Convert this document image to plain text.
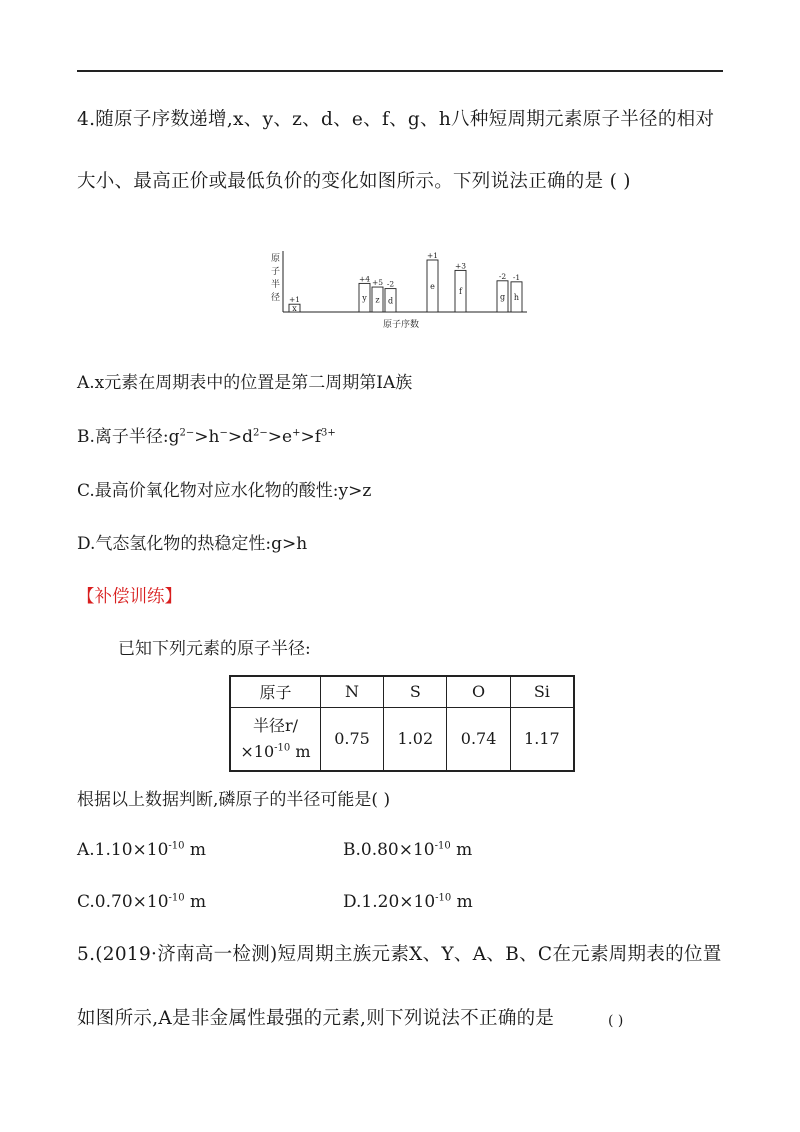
4.随原子序数递增,x、y、z、d、e、f、g、h八种短周期元素原子半径的相对
大小、最高正价或最低负价的变化如图所示。下列说法正确的是 ( )
原
子
半
径
x
+1	y
+4
z
+5
d
-2	e
+1
f
+3
g
-2
h
-1
原子序数
A.x元素在周期表中的位置是第二周期第ⅠA族
B.离子半径$:g^{2-}>h^->d^{2-}>e^+>f^{3+}$
C.最高价氧化物对应水化物的酸性:y>z
D.气态氢化物的热稳定性:g>h
【补偿训练】
已知下列元素的原子半径:
原子	N	S	O	Si
半径r/
$\times 10^{-10}$ m	0.75	1.02	0.74	1.17
根据以上数据判断,磷原子的半径可能是( )
$A.1.10\times 10^{-10}$ m	$B.0.80\times 10^{-10}$ m
$C.0.70\times 10^{-10}$ m	$D.1.20\times 10^{-10}$ m
5.(2019·济南高一检测)短周期主族元素X、Y、A、B、C在元素周期表的位置
如图所示,A是非金属性最强的元素,则下列说法不正确的是	( )
